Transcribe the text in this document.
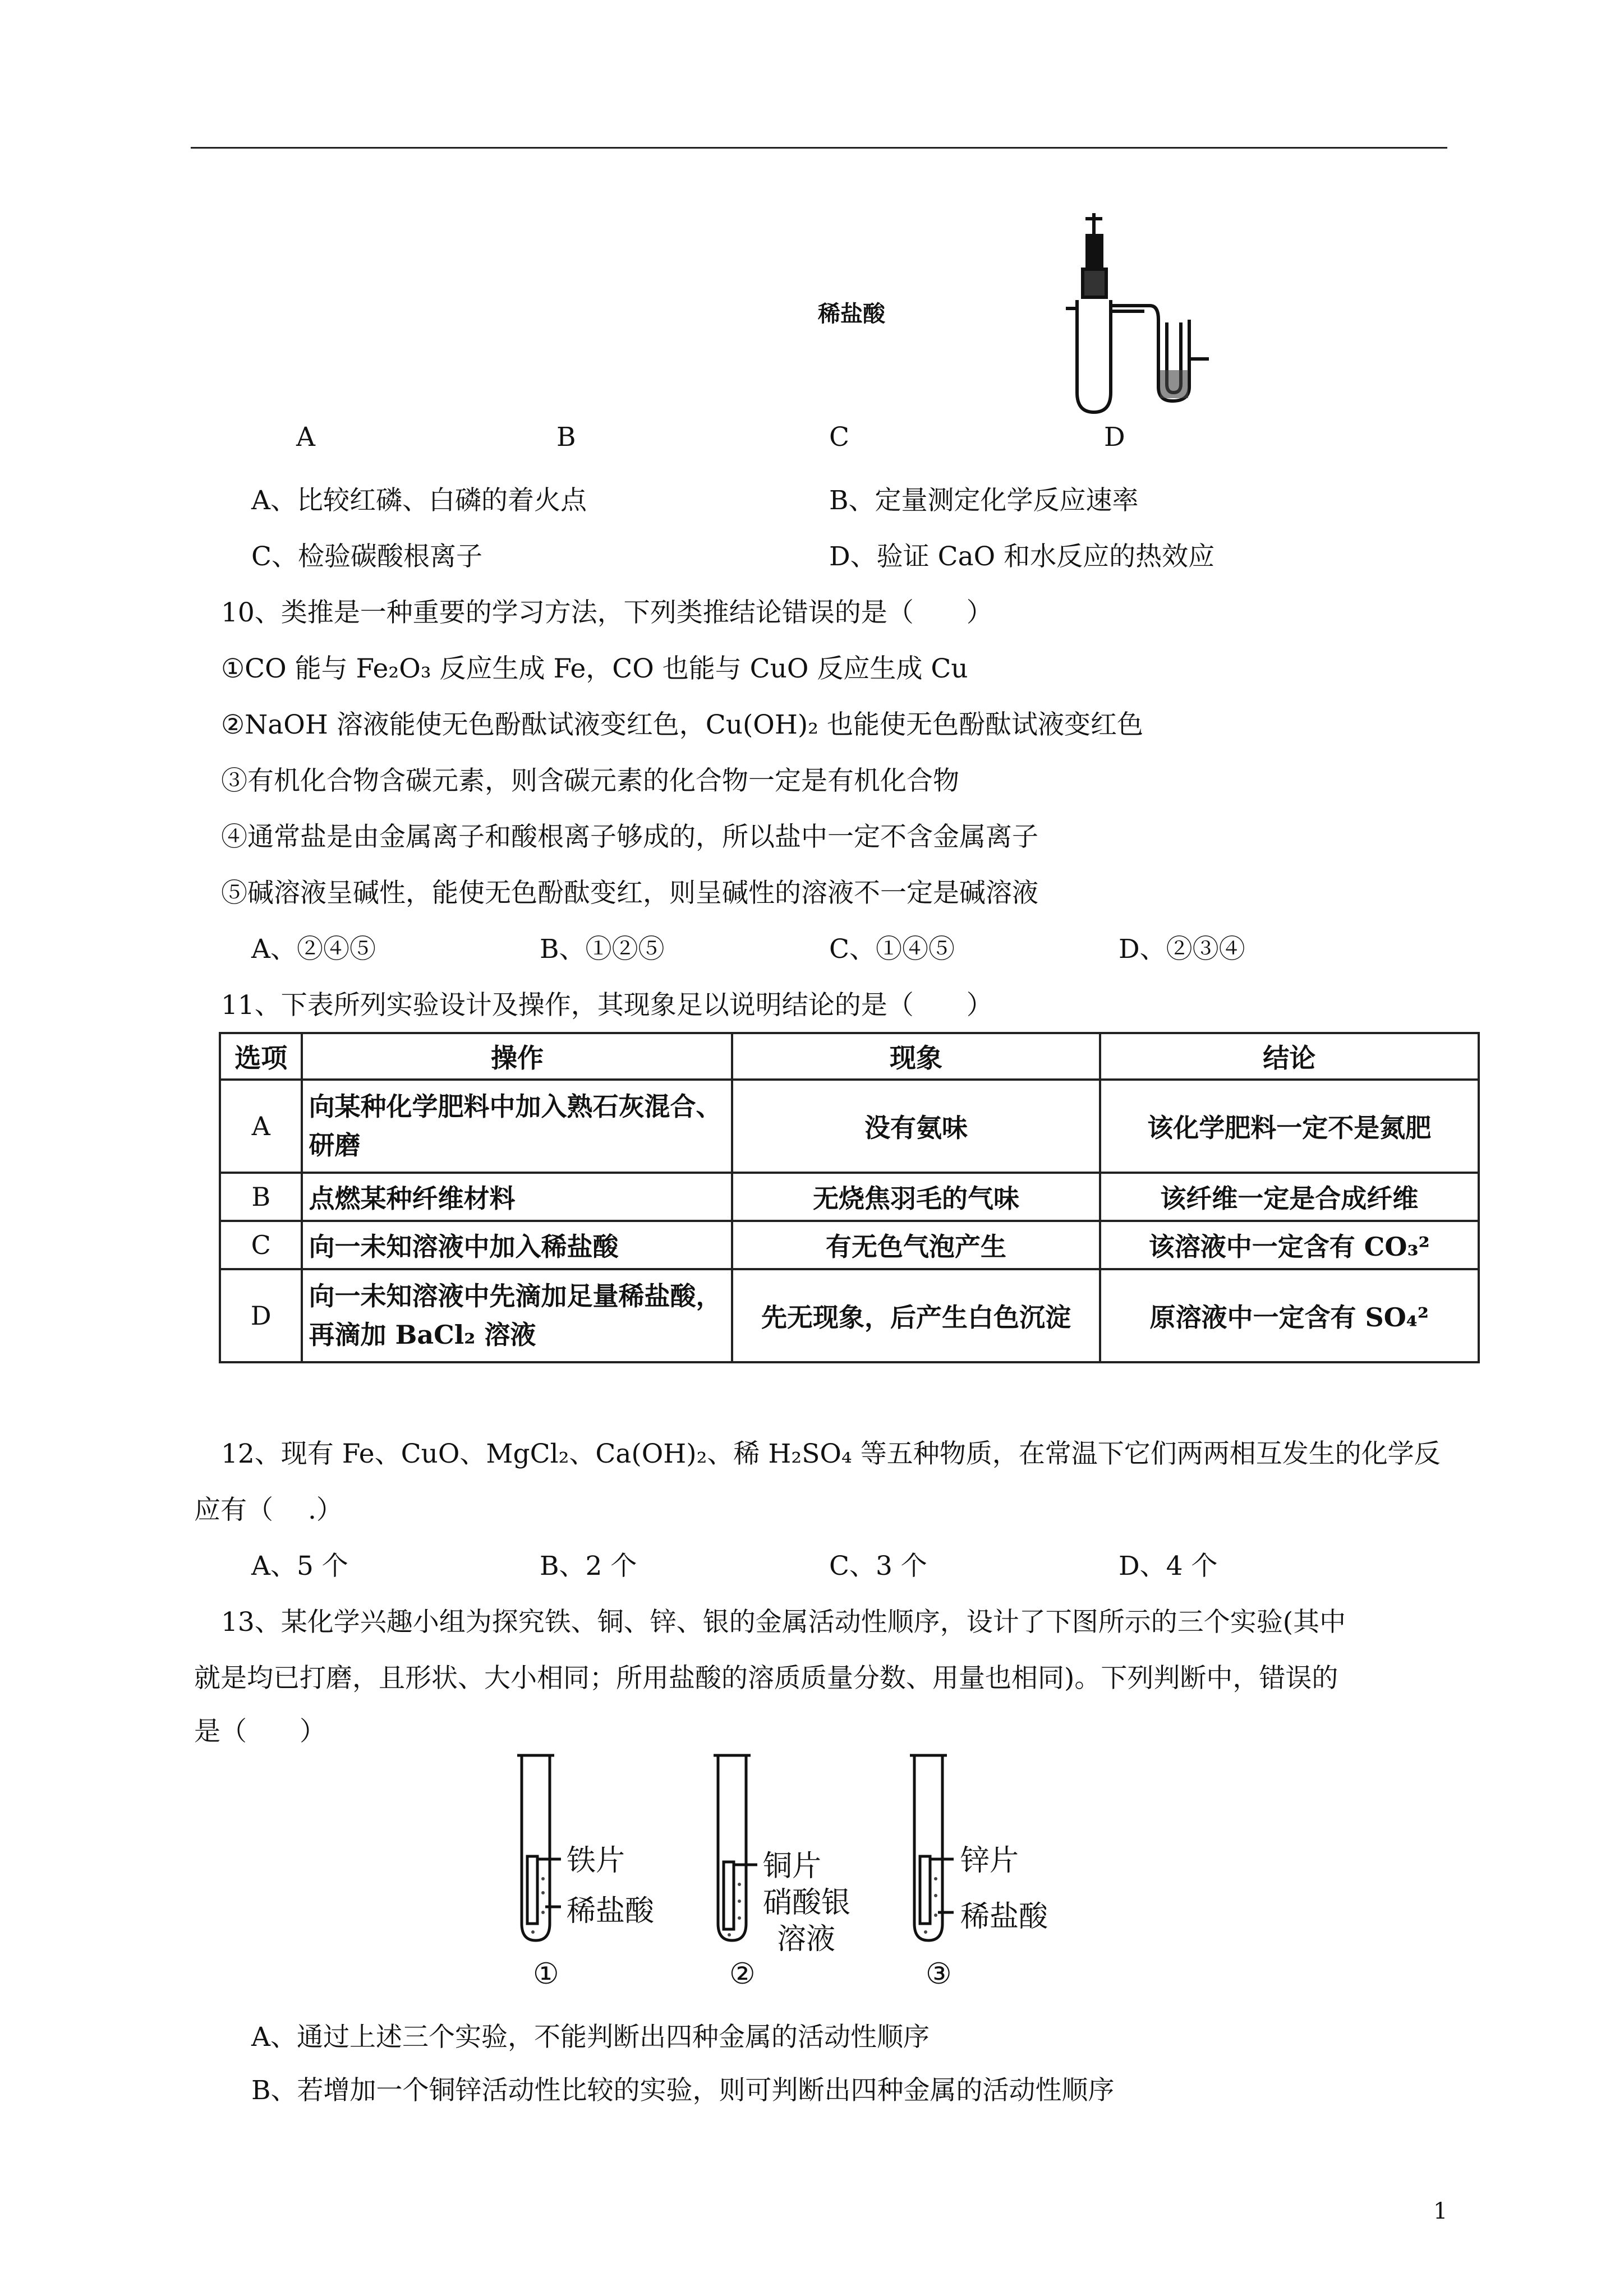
稀盐酸
A	B	C	D
A、比较红磷、白磷的着火点	B、定量测定化学反应速率
C、检验碳酸根离子	D、验证 CaO 和水反应的热效应
10、类推是一种重要的学习方法，下列类推结论错误的是（　　）
①CO 能与 Fe₂O₃ 反应生成 Fe，CO 也能与 CuO 反应生成 Cu
②NaOH 溶液能使无色酚酞试液变红色，Cu(OH)₂ 也能使无色酚酞试液变红色
③有机化合物含碳元素，则含碳元素的化合物一定是有机化合物
④通常盐是由金属离子和酸根离子够成的，所以盐中一定不含金属离子
⑤碱溶液呈碱性，能使无色酚酞变红，则呈碱性的溶液不一定是碱溶液
A、②④⑤	B、①②⑤	C、①④⑤	D、②③④
11、下表所列实验设计及操作，其现象足以说明结论的是（　　）
选项	操作	现象	结论
A	向某种化学肥料中加入熟石灰混合、研磨	没有氨味	该化学肥料一定不是氮肥
B	点燃某种纤维材料	无烧焦羽毛的气味	该纤维一定是合成纤维
C	向一未知溶液中加入稀盐酸	有无色气泡产生	该溶液中一定含有 CO₃²
D	向一未知溶液中先滴加足量稀盐酸，再滴加 BaCl₂ 溶液	先无现象，后产生白色沉淀	原溶液中一定含有 SO₄²
12、现有 Fe、CuO、MgCl₂、Ca(OH)₂、稀 H₂SO₄ 等五种物质，在常温下它们两两相互发生的化学反
应有（　 .）
A、5 个	B、2 个	C、3 个	D、4 个
13、某化学兴趣小组为探究铁、铜、锌、银的金属活动性顺序，设计了下图所示的三个实验(其中
就是均已打磨，且形状、大小相同；所用盐酸的溶质质量分数、用量也相同)。下列判断中，错误的
是（　　）
铁片
稀盐酸
①
铜片
硝酸银
溶液
②
锌片
稀盐酸
③
A、通过上述三个实验，不能判断出四种金属的活动性顺序
B、若增加一个铜锌活动性比较的实验，则可判断出四种金属的活动性顺序
1
